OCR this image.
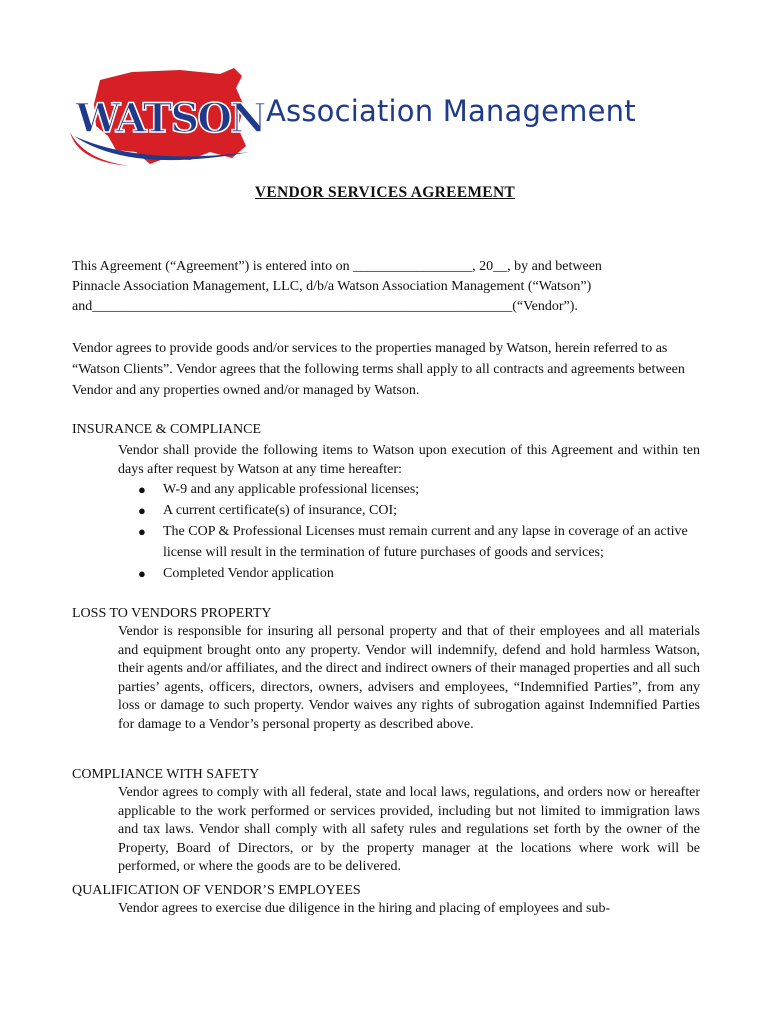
WATSON Association Management
VENDOR SERVICES AGREEMENT
This Agreement (“Agreement”) is entered into on _________________, 20__, by and between
Pinnacle Association Management, LLC, d/b/a Watson Association Management (“Watson”)
and____________________________________________________________(“Vendor”).

Vendor agrees to provide goods and/or services to the properties managed by Watson, herein referred to as “Watson Clients”. Vendor agrees that the following terms shall apply to all contracts and agreements between Vendor and any properties owned and/or managed by Watson.

INSURANCE & COMPLIANCE

Vendor shall provide the following items to Watson upon execution of this Agreement and within ten days after request by Watson at any time hereafter:

● W-9 and any applicable professional licenses;
● A current certificate(s) of insurance, COI;
● The COP & Professional Licenses must remain current and any lapse in coverage of an active license will result in the termination of future purchases of goods and services;
● Completed Vendor application

LOSS TO VENDORS PROPERTY

Vendor is responsible for insuring all personal property and that of their employees and all materials and equipment brought onto any property. Vendor will indemnify, defend and hold harmless Watson, their agents and/or affiliates, and the direct and indirect owners of their managed properties and all such parties’ agents, officers, directors, owners, advisers and employees, “Indemnified Parties”, from any loss or damage to such property. Vendor waives any rights of subrogation against Indemnified Parties for damage to a Vendor’s personal property as described above.

COMPLIANCE WITH SAFETY

Vendor agrees to comply with all federal, state and local laws, regulations, and orders now or hereafter applicable to the work performed or services provided, including but not limited to immigration laws and tax laws. Vendor shall comply with all safety rules and regulations set forth by the owner of the Property, Board of Directors, or by the property manager at the locations where work will be performed, or where the goods are to be delivered.

QUALIFICATION OF VENDOR’S EMPLOYEES

Vendor agrees to exercise due diligence in the hiring and placing of employees and sub-
